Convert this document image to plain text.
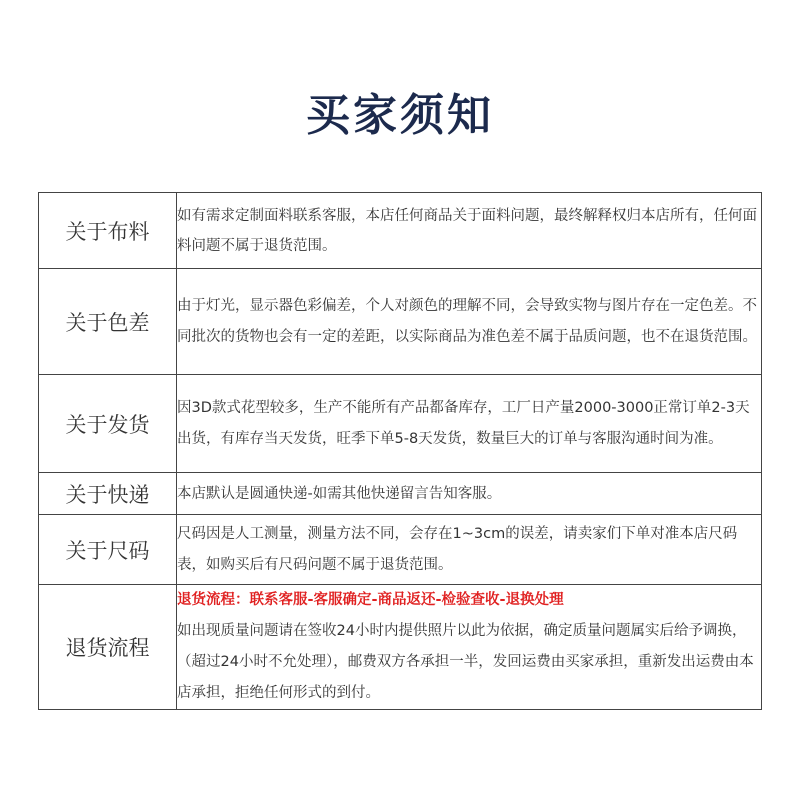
买家须知
关于布料	如有需求定制面料联系客服，本店任何商品关于面料问题，最终解释权归本店所有，任何面料问题不属于退货范围。
关于色差	由于灯光，显示器色彩偏差，个人对颜色的理解不同，会导致实物与图片存在一定色差。不同批次的货物也会有一定的差距，以实际商品为准色差不属于品质问题，也不在退货范围。
关于发货	因3D款式花型较多，生产不能所有产品都备库存，工厂日产量2000-3000正常订单2-3天出货，有库存当天发货，旺季下单5-8天发货，数量巨大的订单与客服沟通时间为准。
关于快递	本店默认是圆通快递-如需其他快递留言告知客服。
关于尺码	尺码因是人工测量，测量方法不同，会存在1~3cm的误差，请卖家们下单对准本店尺码表，如购买后有尺码问题不属于退货范围。
退货流程	退货流程：联系客服-客服确定-商品返还-检验查收-退换处理
如出现质量问题请在签收24小时内提供照片以此为依据，确定质量问题属实后给予调换，（超过24小时不允处理），邮费双方各承担一半，发回运费由买家承担，重新发出运费由本店承担，拒绝任何形式的到付。
